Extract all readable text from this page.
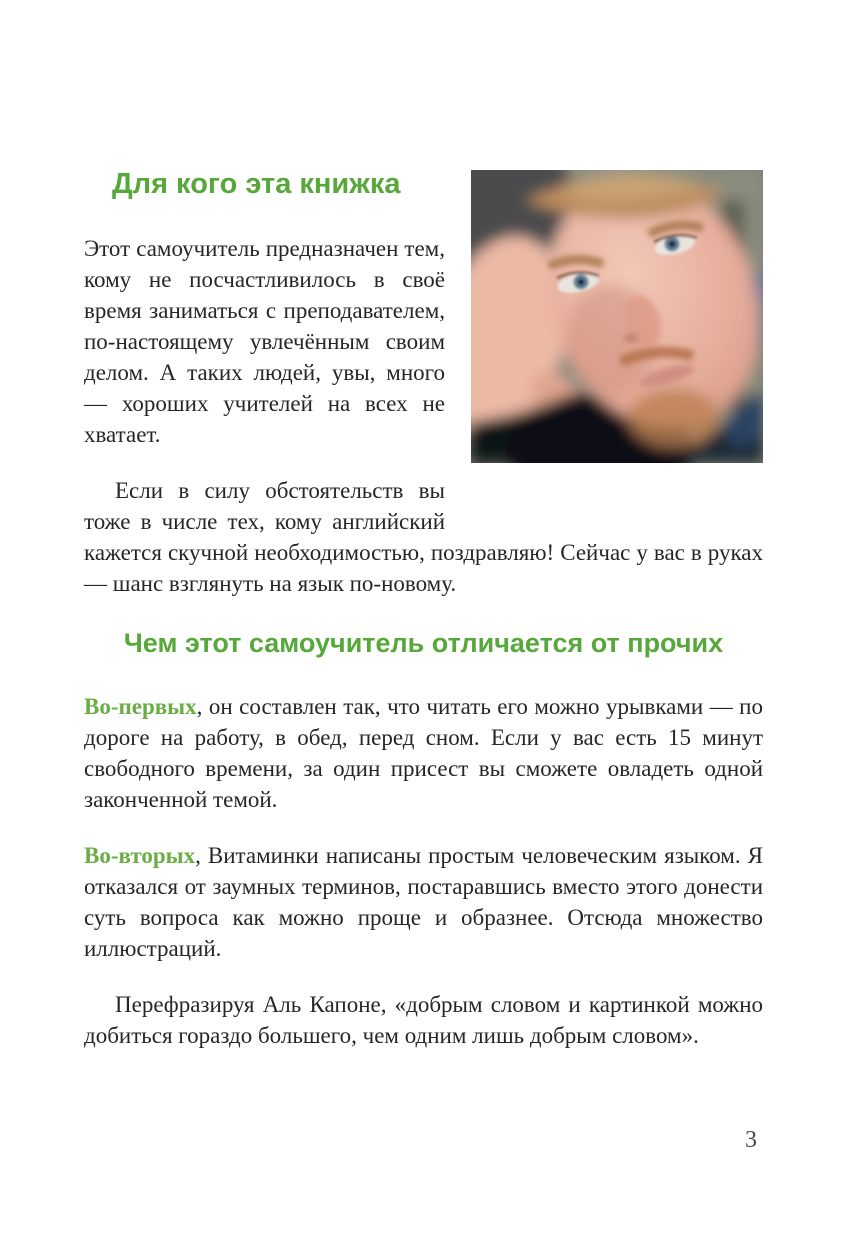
Для кого эта книжка

Этот самоучитель предназначен тем, кому не посчастливилось в своё время заниматься с преподавателем, по-настоящему увлечённым своим делом. А таких людей, увы, много — хороших учителей на всех не хватает.

Если в силу обстоятельств вы тоже в числе тех, кому английский кажется скучной необходимостью, поздравляю! Сейчас у вас в руках — шанс взглянуть на язык по-новому.

Чем этот самоучитель отличается от прочих

Во-первых, он составлен так, что читать его можно урывками — по дороге на работу, в обед, перед сном. Если у вас есть 15 минут свободного времени, за один присест вы сможете овладеть одной законченной темой.

Во-вторых, Витаминки написаны простым человеческим языком. Я отказался от заумных терминов, постаравшись вместо этого донести суть вопроса как можно проще и образнее. Отсюда множество иллюстраций.

Перефразируя Аль Капоне, «добрым словом и картинкой можно добиться гораздо большего, чем одним лишь добрым словом».

3
